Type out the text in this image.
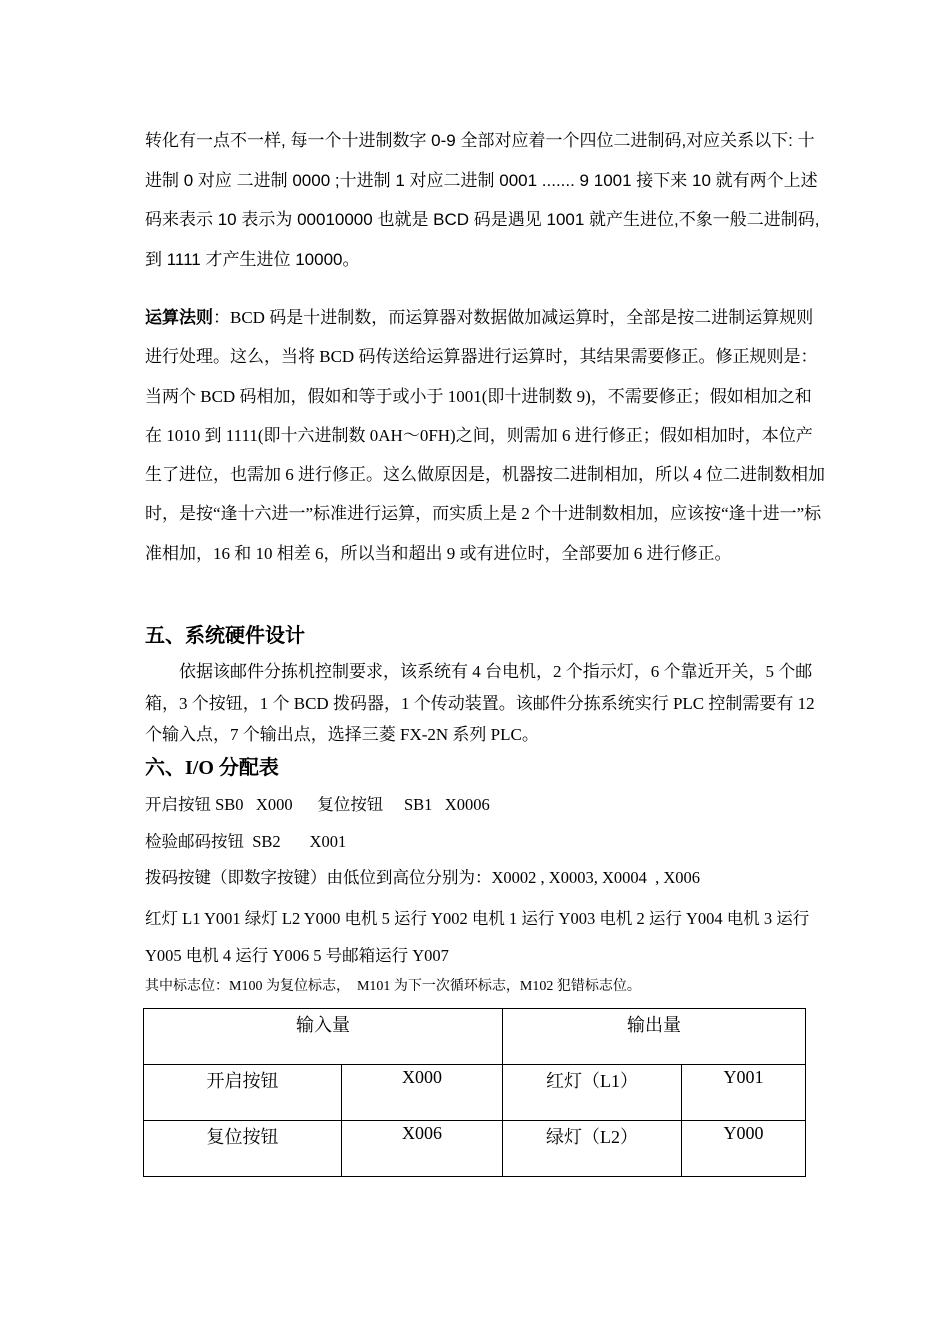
转化有一点不一样, 每一个十进制数字 0-9 全部对应着一个四位二进制码,对应关系以下: 十进制 0 对应 二进制 0000 ;十进制 1 对应二进制 0001 ....... 9 1001 接下来 10 就有两个上述码来表示 10 表示为 00010000 也就是 BCD 码是遇见 1001 就产生进位,不象一般二进制码,到 1111 才产生进位 10000。

运算法则：BCD 码是十进制数，而运算器对数据做加减运算时，全部是按二进制运算规则进行处理。这么，当将 BCD 码传送给运算器进行运算时，其结果需要修正。修正规则是：当两个 BCD 码相加，假如和等于或小于 1001(即十进制数 9)，不需要修正；假如相加之和在 1010 到 1111(即十六进制数 0AH～0FH)之间，则需加 6 进行修正；假如相加时，本位产生了进位，也需加 6 进行修正。这么做原因是，机器按二进制相加，所以 4 位二进制数相加时，是按“逢十六进一”标准进行运算，而实质上是 2 个十进制数相加，应该按“逢十进一”标准相加，16 和 10 相差 6，所以当和超出 9 或有进位时，全部要加 6 进行修正。

五、系统硬件设计

依据该邮件分拣机控制要求，该系统有 4 台电机，2 个指示灯，6 个靠近开关，5 个邮箱，3 个按钮，1 个 BCD 拨码器，1 个传动装置。该邮件分拣系统实行 PLC 控制需要有 12 个输入点，7 个输出点，选择三菱 FX-2N 系列 PLC。

六、I/O 分配表

开启按钮 SB0   X000      复位按钮     SB1   X0006

检验邮码按钮  SB2       X001

拨码按键（即数字按键）由低位到高位分别为：X0002 , X0003, X0004  , X006

红灯 L1 Y001 绿灯 L2 Y000 电机 5 运行 Y002 电机 1 运行 Y003 电机 2 运行 Y004 电机 3 运行 Y005 电机 4 运行 Y006 5 号邮箱运行 Y007

其中标志位：M100 为复位标志，  M101 为下一次循环标志，M102 犯错标志位。

输入量		输出量	
开启按钮	X000	红灯（L1）	Y001
复位按钮	X006	绿灯（L2）	Y000
